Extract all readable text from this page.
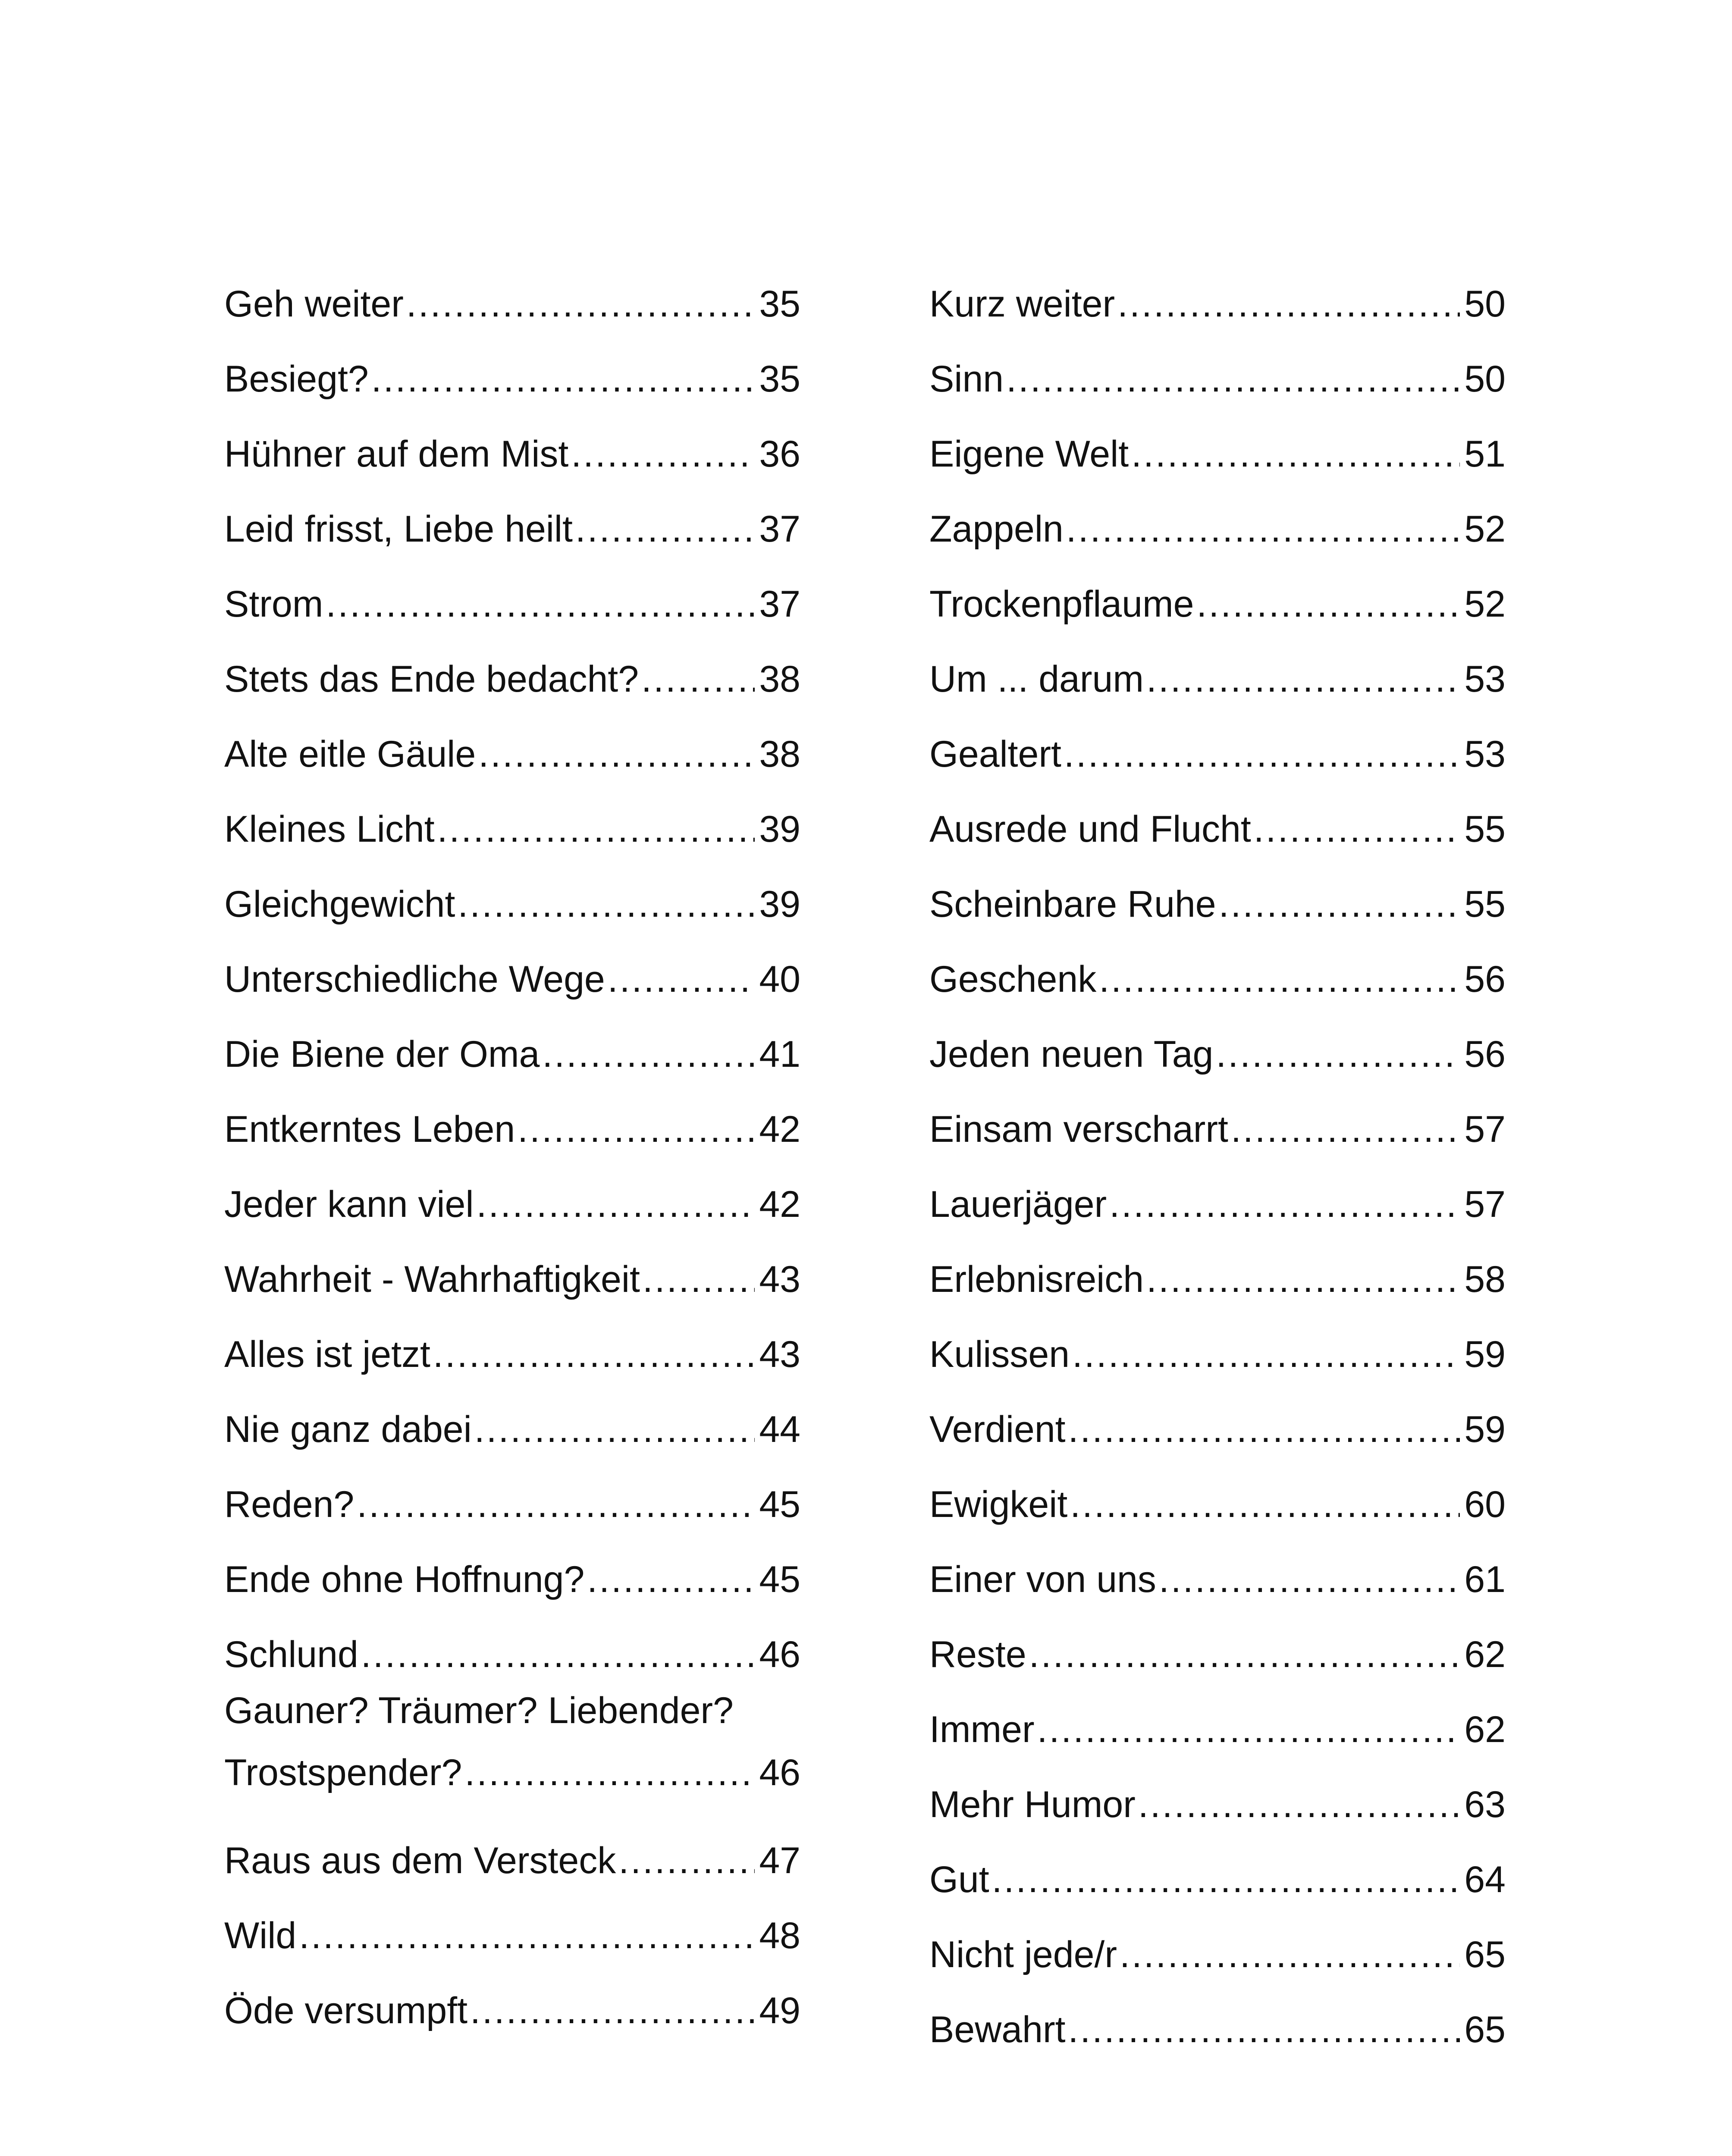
Geh weiter .....	35
Besiegt? .....	35
Hühner auf dem Mist .....	36
Leid frisst, Liebe heilt .....	37
Strom .....	37
Stets das Ende bedacht? .....	38
Alte eitle Gäule .....	38
Kleines Licht .....	39
Gleichgewicht .....	39
Unterschiedliche Wege .....	40
Die Biene der Oma .....	41
Entkerntes Leben .....	42
Jeder kann viel .....	42
Wahrheit - Wahrhaftigkeit .....	43
Alles ist jetzt .....	43
Nie ganz dabei .....	44
Reden? .....	45
Ende ohne Hoffnung? .....	45
Schlund .....	46
Gauner? Träumer? Liebender?
Trostspender? .....	46
Raus aus dem Versteck .....	47
Wild .....	48
Öde versumpft .....	49
Kurz weiter .....	50
Sinn .....	50
Eigene Welt .....	51
Zappeln .....	52
Trockenpflaume .....	52
Um ... darum .....	53
Gealtert .....	53
Ausrede und Flucht .....	55
Scheinbare Ruhe .....	55
Geschenk .....	56
Jeden neuen Tag .....	56
Einsam verscharrt .....	57
Lauerjäger .....	57
Erlebnisreich .....	58
Kulissen .....	59
Verdient .....	59
Ewigkeit .....	60
Einer von uns .....	61
Reste .....	62
Immer .....	62
Mehr Humor .....	63
Gut .....	64
Nicht jede/r .....	65
Bewahrt .....	65
